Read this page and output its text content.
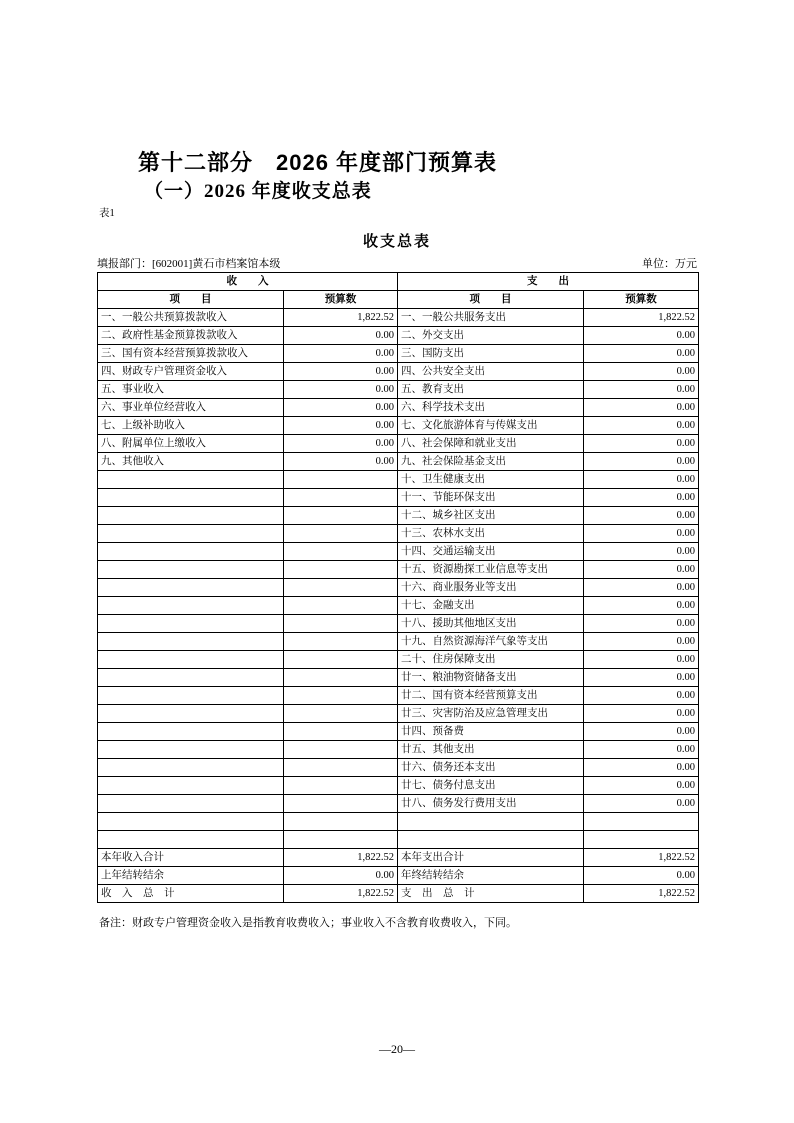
第十二部分　2026 年度部门预算表
（一）2026 年度收支总表
表1
收支总表
填报部门：[602001]黄石市档案馆本级	单位：万元
收　　入		支　　出	
项　　目	预算数	项　　目	预算数
一、一般公共预算拨款收入	1,822.52	一、一般公共服务支出	1,822.52
二、政府性基金预算拨款收入	0.00	二、外交支出	0.00
三、国有资本经营预算拨款收入	0.00	三、国防支出	0.00
四、财政专户管理资金收入	0.00	四、公共安全支出	0.00
五、事业收入	0.00	五、教育支出	0.00
六、事业单位经营收入	0.00	六、科学技术支出	0.00
七、上级补助收入	0.00	七、文化旅游体育与传媒支出	0.00
八、附属单位上缴收入	0.00	八、社会保障和就业支出	0.00
九、其他收入	0.00	九、社会保险基金支出	0.00
		十、卫生健康支出	0.00
		十一、节能环保支出	0.00
		十二、城乡社区支出	0.00
		十三、农林水支出	0.00
		十四、交通运输支出	0.00
		十五、资源勘探工业信息等支出	0.00
		十六、商业服务业等支出	0.00
		十七、金融支出	0.00
		十八、援助其他地区支出	0.00
		十九、自然资源海洋气象等支出	0.00
		二十、住房保障支出	0.00
		廿一、粮油物资储备支出	0.00
		廿二、国有资本经营预算支出	0.00
		廿三、灾害防治及应急管理支出	0.00
		廿四、预备费	0.00
		廿五、其他支出	0.00
		廿六、债务还本支出	0.00
		廿七、债务付息支出	0.00
		廿八、债务发行费用支出	0.00

本年收入合计	1,822.52	本年支出合计	1,822.52
上年结转结余	0.00	年终结转结余	0.00
收　入　总　计	1,822.52	支　出　总　计	1,822.52
备注：财政专户管理资金收入是指教育收费收入；事业收入不含教育收费收入，下同。
—20—
